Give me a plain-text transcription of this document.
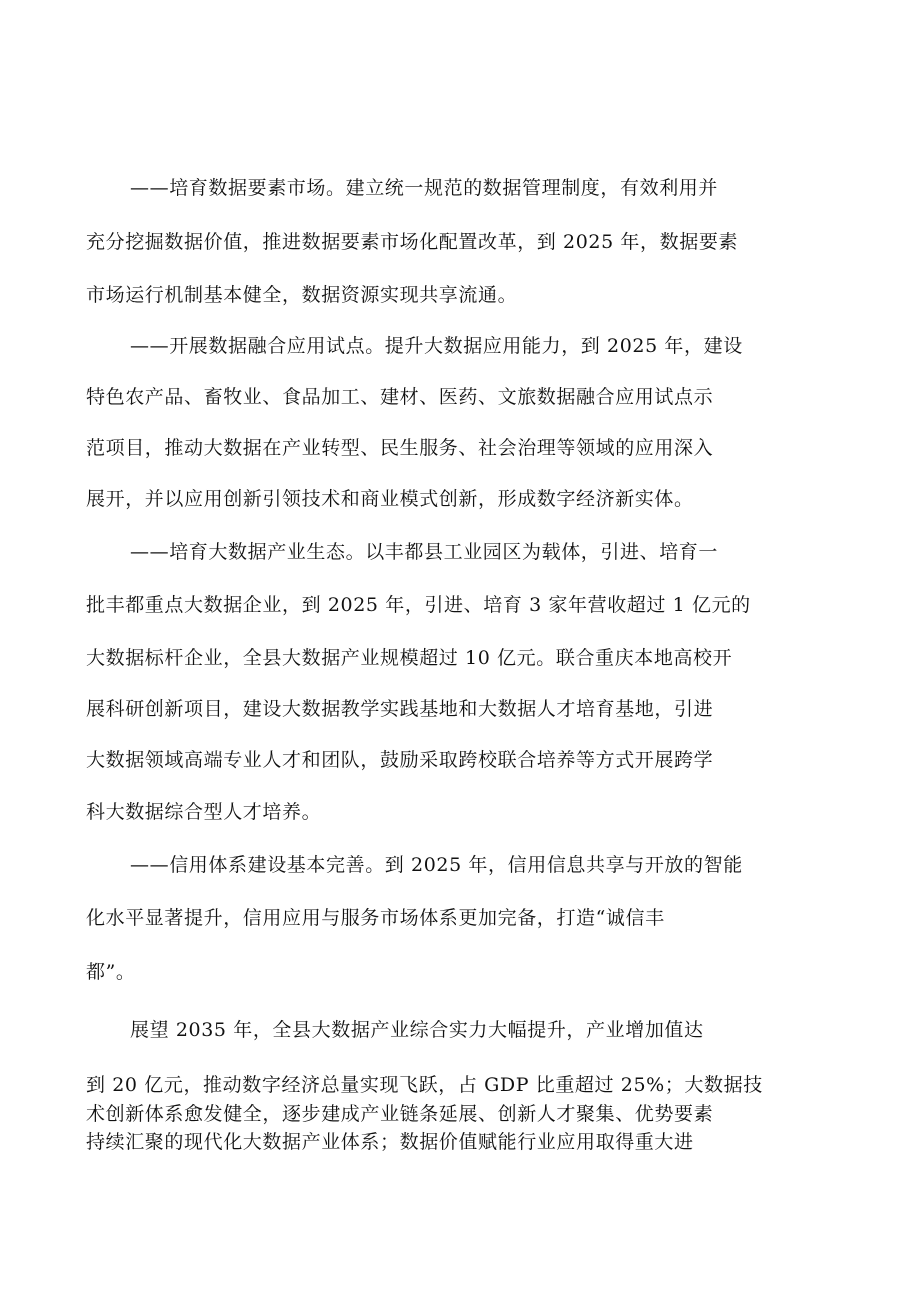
——培育数据要素市场。建立统一规范的数据管理制度，有效利用并

充分挖掘数据价值，推进数据要素市场化配置改革，到 2025 年，数据要素

市场运行机制基本健全，数据资源实现共享流通。

——开展数据融合应用试点。提升大数据应用能力，到 2025 年，建设

特色农产品、畜牧业、食品加工、建材、医药、文旅数据融合应用试点示

范项目，推动大数据在产业转型、民生服务、社会治理等领域的应用深入

展开，并以应用创新引领技术和商业模式创新，形成数字经济新实体。

——培育大数据产业生态。以丰都县工业园区为载体，引进、培育一

批丰都重点大数据企业，到 2025 年，引进、培育 3 家年营收超过 1 亿元的

大数据标杆企业，全县大数据产业规模超过 10 亿元。联合重庆本地高校开

展科研创新项目，建设大数据教学实践基地和大数据人才培育基地，引进

大数据领域高端专业人才和团队，鼓励采取跨校联合培养等方式开展跨学

科大数据综合型人才培养。

——信用体系建设基本完善。到 2025 年，信用信息共享与开放的智能

化水平显著提升，信用应用与服务市场体系更加完备，打造“诚信丰

都”。

展望 2035 年，全县大数据产业综合实力大幅提升，产业增加值达

到 20 亿元，推动数字经济总量实现飞跃，占 GDP 比重超过 25%；大数据技

术创新体系愈发健全，逐步建成产业链条延展、创新人才聚集、优势要素

持续汇聚的现代化大数据产业体系；数据价值赋能行业应用取得重大进
